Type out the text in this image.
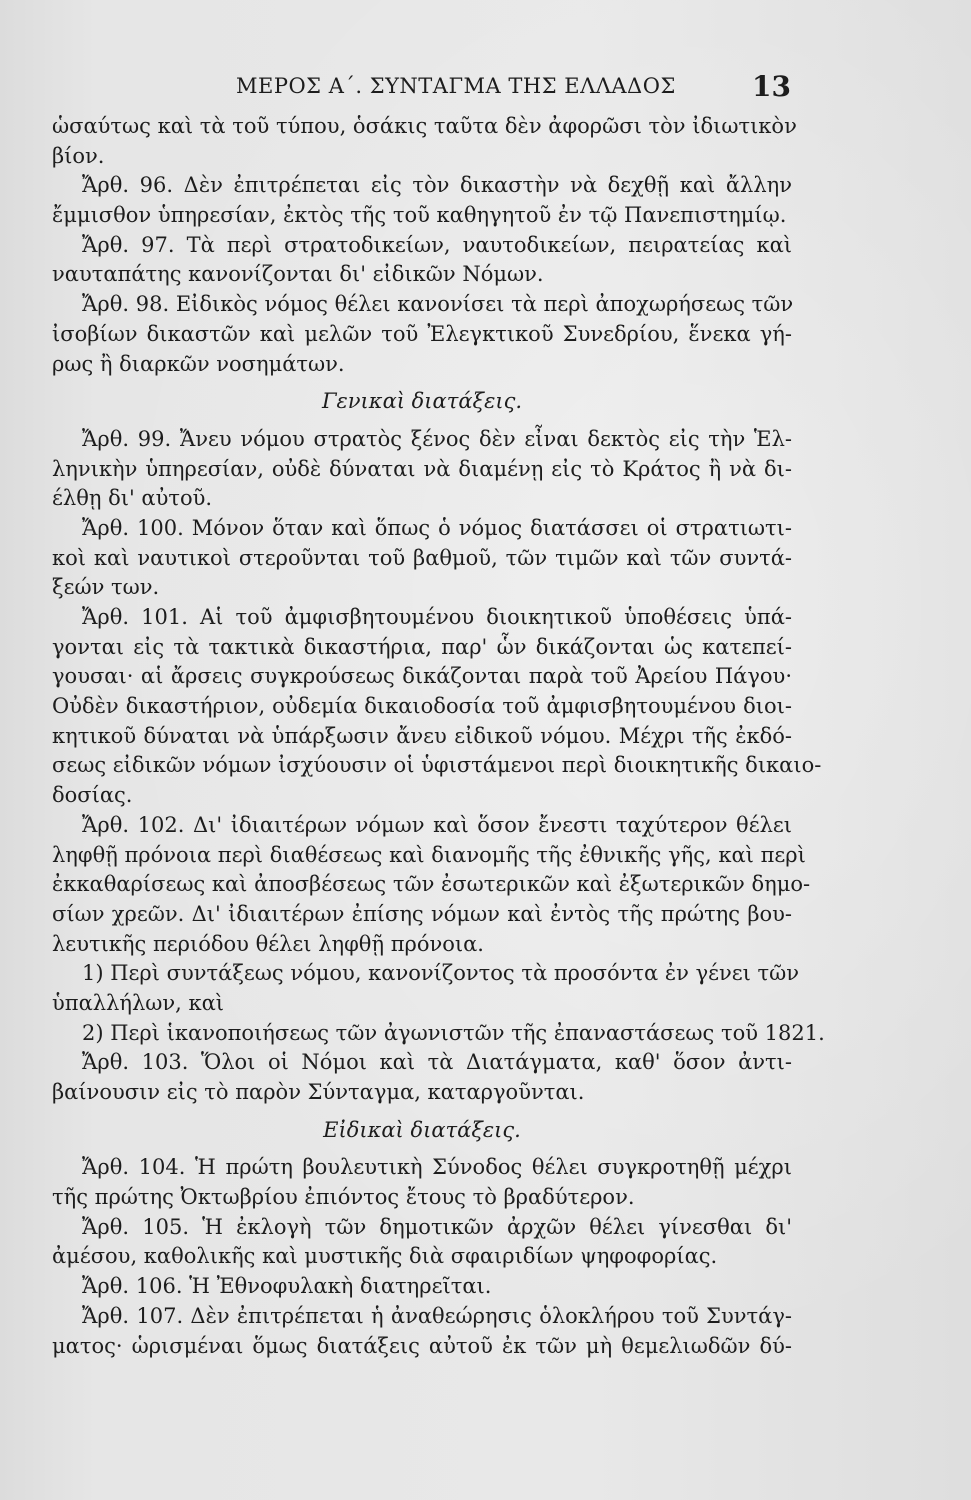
ΜΕΡΟΣ Α΄. ΣΥΝΤΑΓΜΑ ΤΗΣ ΕΛΛΑΔΟΣ	13
ὡσαύτως καὶ τὰ τοῦ τύπου, ὁσάκις ταῦτα δὲν ἀφορῶσι τὸν ἰδιωτικὸν
βίον.
Ἄρθ. 96. Δὲν ἐπιτρέπεται εἰς τὸν δικαστὴν νὰ δεχθῇ καὶ ἄλλην
ἔμμισθον ὑπηρεσίαν, ἐκτὸς τῆς τοῦ καθηγητοῦ ἐν τῷ Πανεπιστημίῳ.
Ἄρθ. 97. Τὰ περὶ στρατοδικείων, ναυτοδικείων, πειρατείας καὶ
ναυταπάτης κανονίζονται δι' εἰδικῶν Νόμων.
Ἄρθ. 98. Εἰδικὸς νόμος θέλει κανονίσει τὰ περὶ ἀποχωρήσεως τῶν
ἰσοβίων δικαστῶν καὶ μελῶν τοῦ Ἐλεγκτικοῦ Συνεδρίου, ἕνεκα γή-
ρως ἢ διαρκῶν νοσημάτων.
Γενικαὶ διατάξεις.
Ἄρθ. 99. Ἄνευ νόμου στρατὸς ξένος δὲν εἶναι δεκτὸς εἰς τὴν Ἑλ-
ληνικὴν ὑπηρεσίαν, οὐδὲ δύναται νὰ διαμένῃ εἰς τὸ Κράτος ἢ νὰ δι-
έλθῃ δι' αὐτοῦ.
Ἄρθ. 100. Μόνον ὅταν καὶ ὅπως ὁ νόμος διατάσσει οἱ στρατιωτι-
κοὶ καὶ ναυτικοὶ στεροῦνται τοῦ βαθμοῦ, τῶν τιμῶν καὶ τῶν συντά-
ξεών των.
Ἄρθ. 101. Αἱ τοῦ ἀμφισβητουμένου διοικητικοῦ ὑποθέσεις ὑπά-
γονται εἰς τὰ τακτικὰ δικαστήρια, παρ' ὧν δικάζονται ὡς κατεπεί-
γουσαι· αἱ ἄρσεις συγκρούσεως δικάζονται παρὰ τοῦ Ἀρείου Πάγου·
Οὐδὲν δικαστήριον, οὐδεμία δικαιοδοσία τοῦ ἀμφισβητουμένου διοι-
κητικοῦ δύναται νὰ ὑπάρξωσιν ἄνευ εἰδικοῦ νόμου. Μέχρι τῆς ἐκδό-
σεως εἰδικῶν νόμων ἰσχύουσιν οἱ ὑφιστάμενοι περὶ διοικητικῆς δικαιο-
δοσίας.
Ἄρθ. 102. Δι' ἰδιαιτέρων νόμων καὶ ὅσον ἔνεστι ταχύτερον θέλει
ληφθῇ πρόνοια περὶ διαθέσεως καὶ διανομῆς τῆς ἐθνικῆς γῆς, καὶ περὶ
ἐκκαθαρίσεως καὶ ἀποσβέσεως τῶν ἐσωτερικῶν καὶ ἐξωτερικῶν δημο-
σίων χρεῶν. Δι' ἰδιαιτέρων ἐπίσης νόμων καὶ ἐντὸς τῆς πρώτης βου-
λευτικῆς περιόδου θέλει ληφθῇ πρόνοια.
1) Περὶ συντάξεως νόμου, κανονίζοντος τὰ προσόντα ἐν γένει τῶν
ὑπαλλήλων, καὶ
2) Περὶ ἱκανοποιήσεως τῶν ἀγωνιστῶν τῆς ἐπαναστάσεως τοῦ 1821.
Ἄρθ. 103. Ὅλοι οἱ Νόμοι καὶ τὰ Διατάγματα, καθ' ὅσον ἀντι-
βαίνουσιν εἰς τὸ παρὸν Σύνταγμα, καταργοῦνται.
Εἰδικαὶ διατάξεις.
Ἄρθ. 104. Ἡ πρώτη βουλευτικὴ Σύνοδος θέλει συγκροτηθῇ μέχρι
τῆς πρώτης Ὀκτωβρίου ἐπιόντος ἔτους τὸ βραδύτερον.
Ἄρθ. 105. Ἡ ἐκλογὴ τῶν δημοτικῶν ἀρχῶν θέλει γίνεσθαι δι'
ἀμέσου, καθολικῆς καὶ μυστικῆς διὰ σφαιριδίων ψηφοφορίας.
Ἄρθ. 106. Ἡ Ἐθνοφυλακὴ διατηρεῖται.
Ἄρθ. 107. Δὲν ἐπιτρέπεται ἡ ἀναθεώρησις ὁλοκλήρου τοῦ Συντάγ-
ματος· ὡρισμέναι ὅμως διατάξεις αὐτοῦ ἐκ τῶν μὴ θεμελιωδῶν δύ-
